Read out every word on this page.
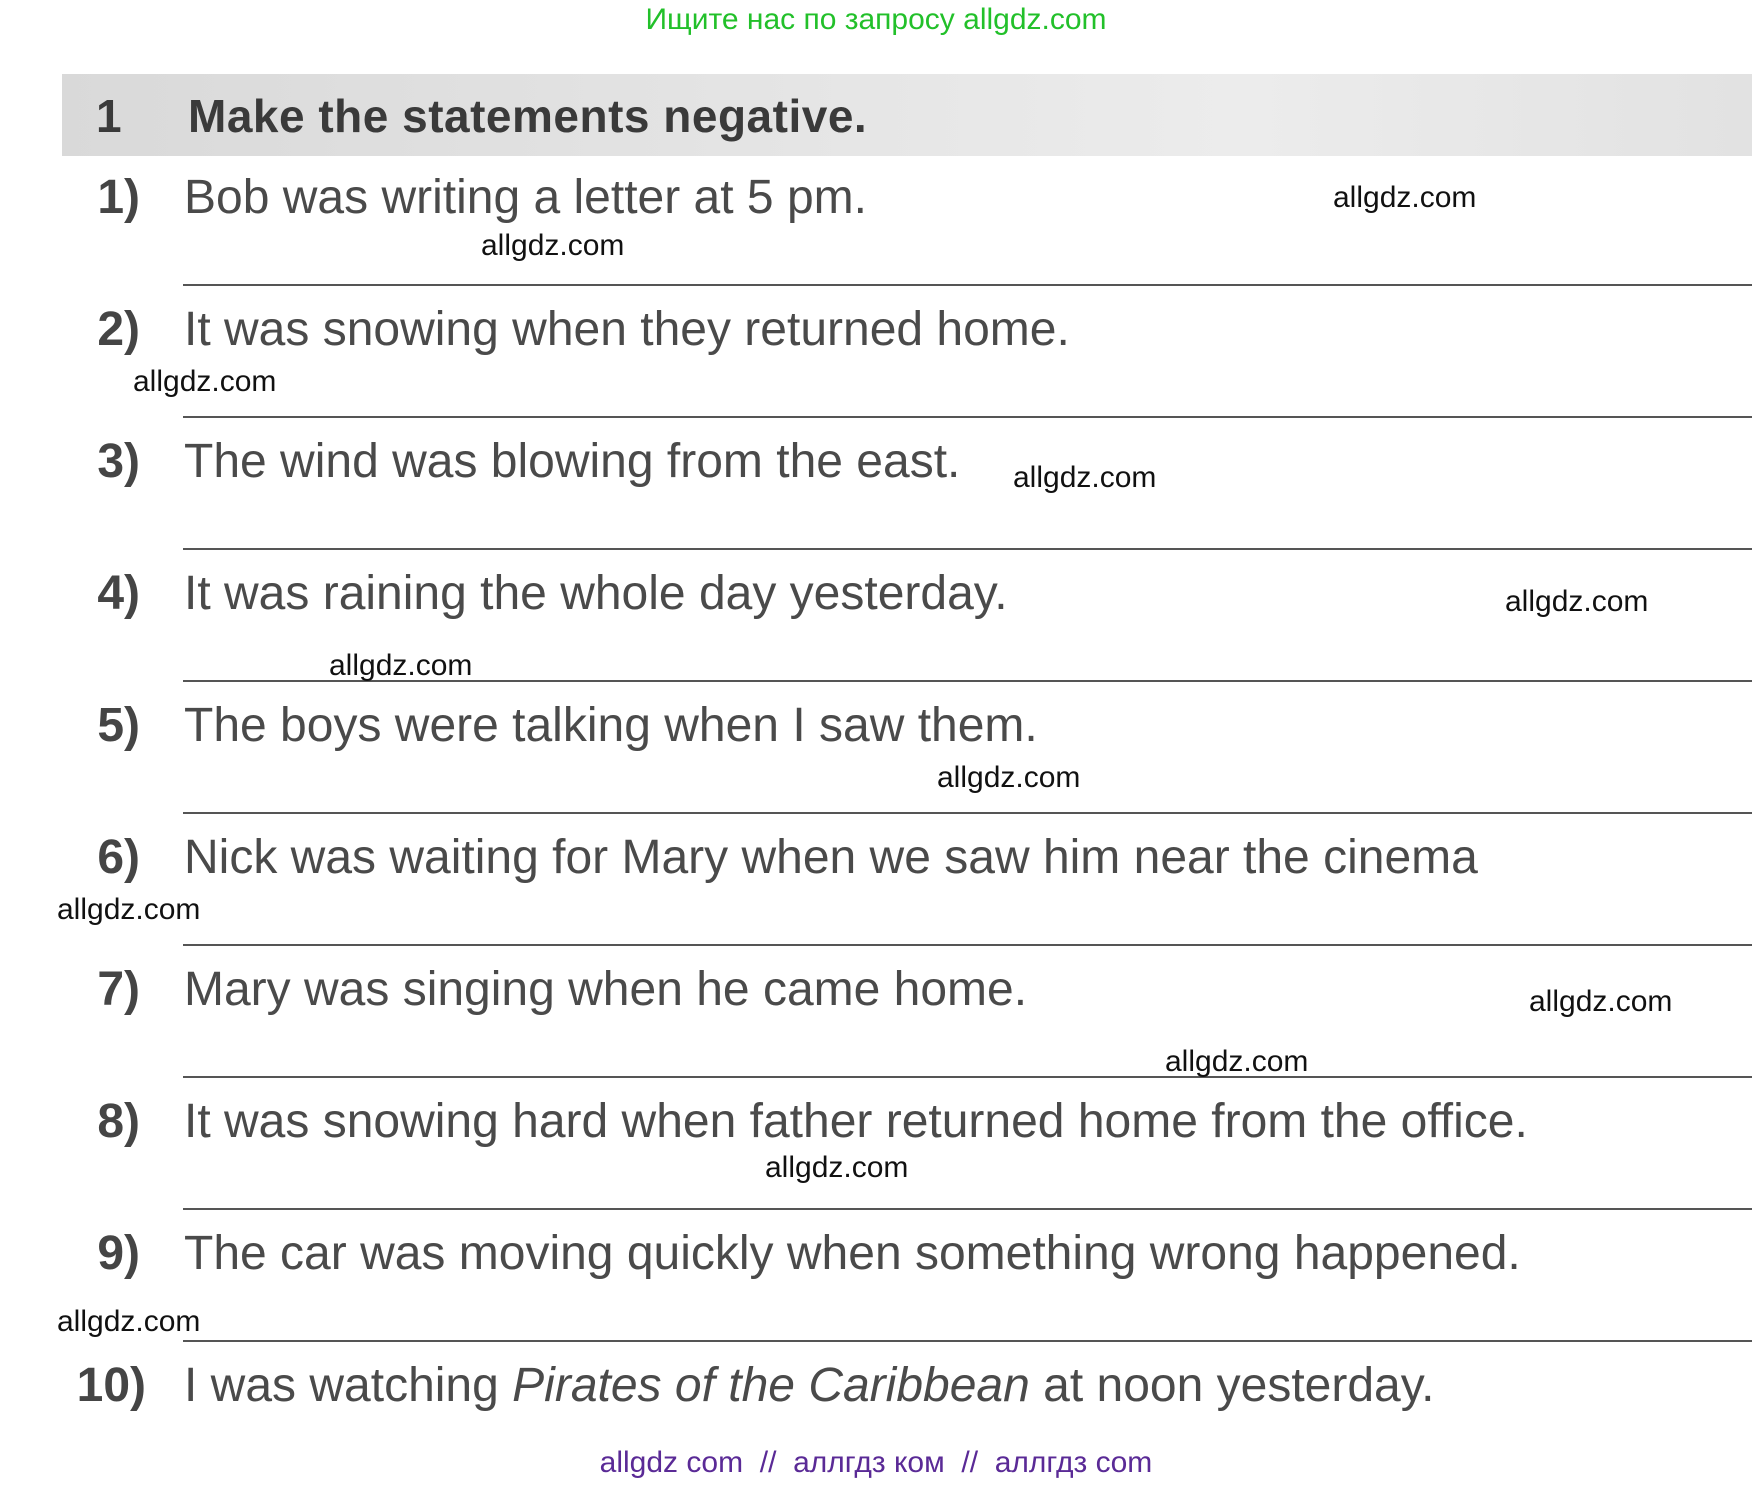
Ищите нас по запросу allgdz.com
1 Make the statements negative.
1) Bob was writing a letter at 5 pm.
2) It was snowing when they returned home.
3) The wind was blowing from the east.
4) It was raining the whole day yesterday.
5) The boys were talking when I saw them.
6) Nick was waiting for Mary when we saw him near the cinema
7) Mary was singing when he came home.
8) It was snowing hard when father returned home from the office.
9) The car was moving quickly when something wrong happened.
10) I was watching Pirates of the Caribbean at noon yesterday.
allgdz.com
allgdz.com
allgdz.com
allgdz.com
allgdz.com
allgdz.com
allgdz.com
allgdz.com
allgdz.com
allgdz.com
allgdz.com
allgdz.com
allgdz com  //  аллгдз ком  //  аллгдз com
